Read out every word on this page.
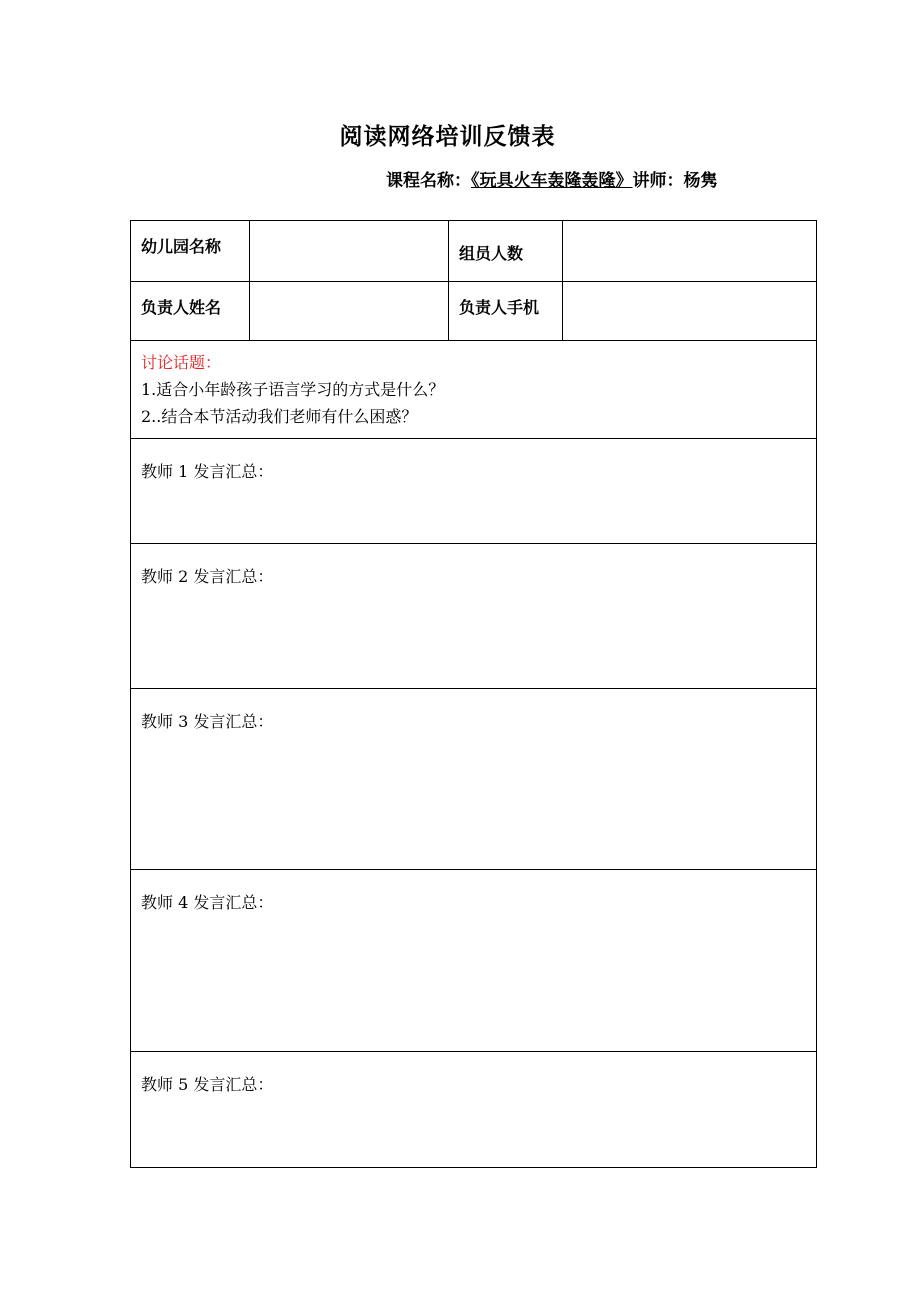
阅读网络培训反馈表
课程名称：《玩具火车轰隆轰隆》讲师：杨隽
幼儿园名称		组员人数	
负责人姓名		负责人手机	

讨论话题：
1.适合小年龄孩子语言学习的方式是什么？
2..结合本节活动我们老师有什么困惑？			

教师 1 发言汇总：			
教师 2 发言汇总：			
教师 3 发言汇总：			
教师 4 发言汇总：			
教师 5 发言汇总：			
